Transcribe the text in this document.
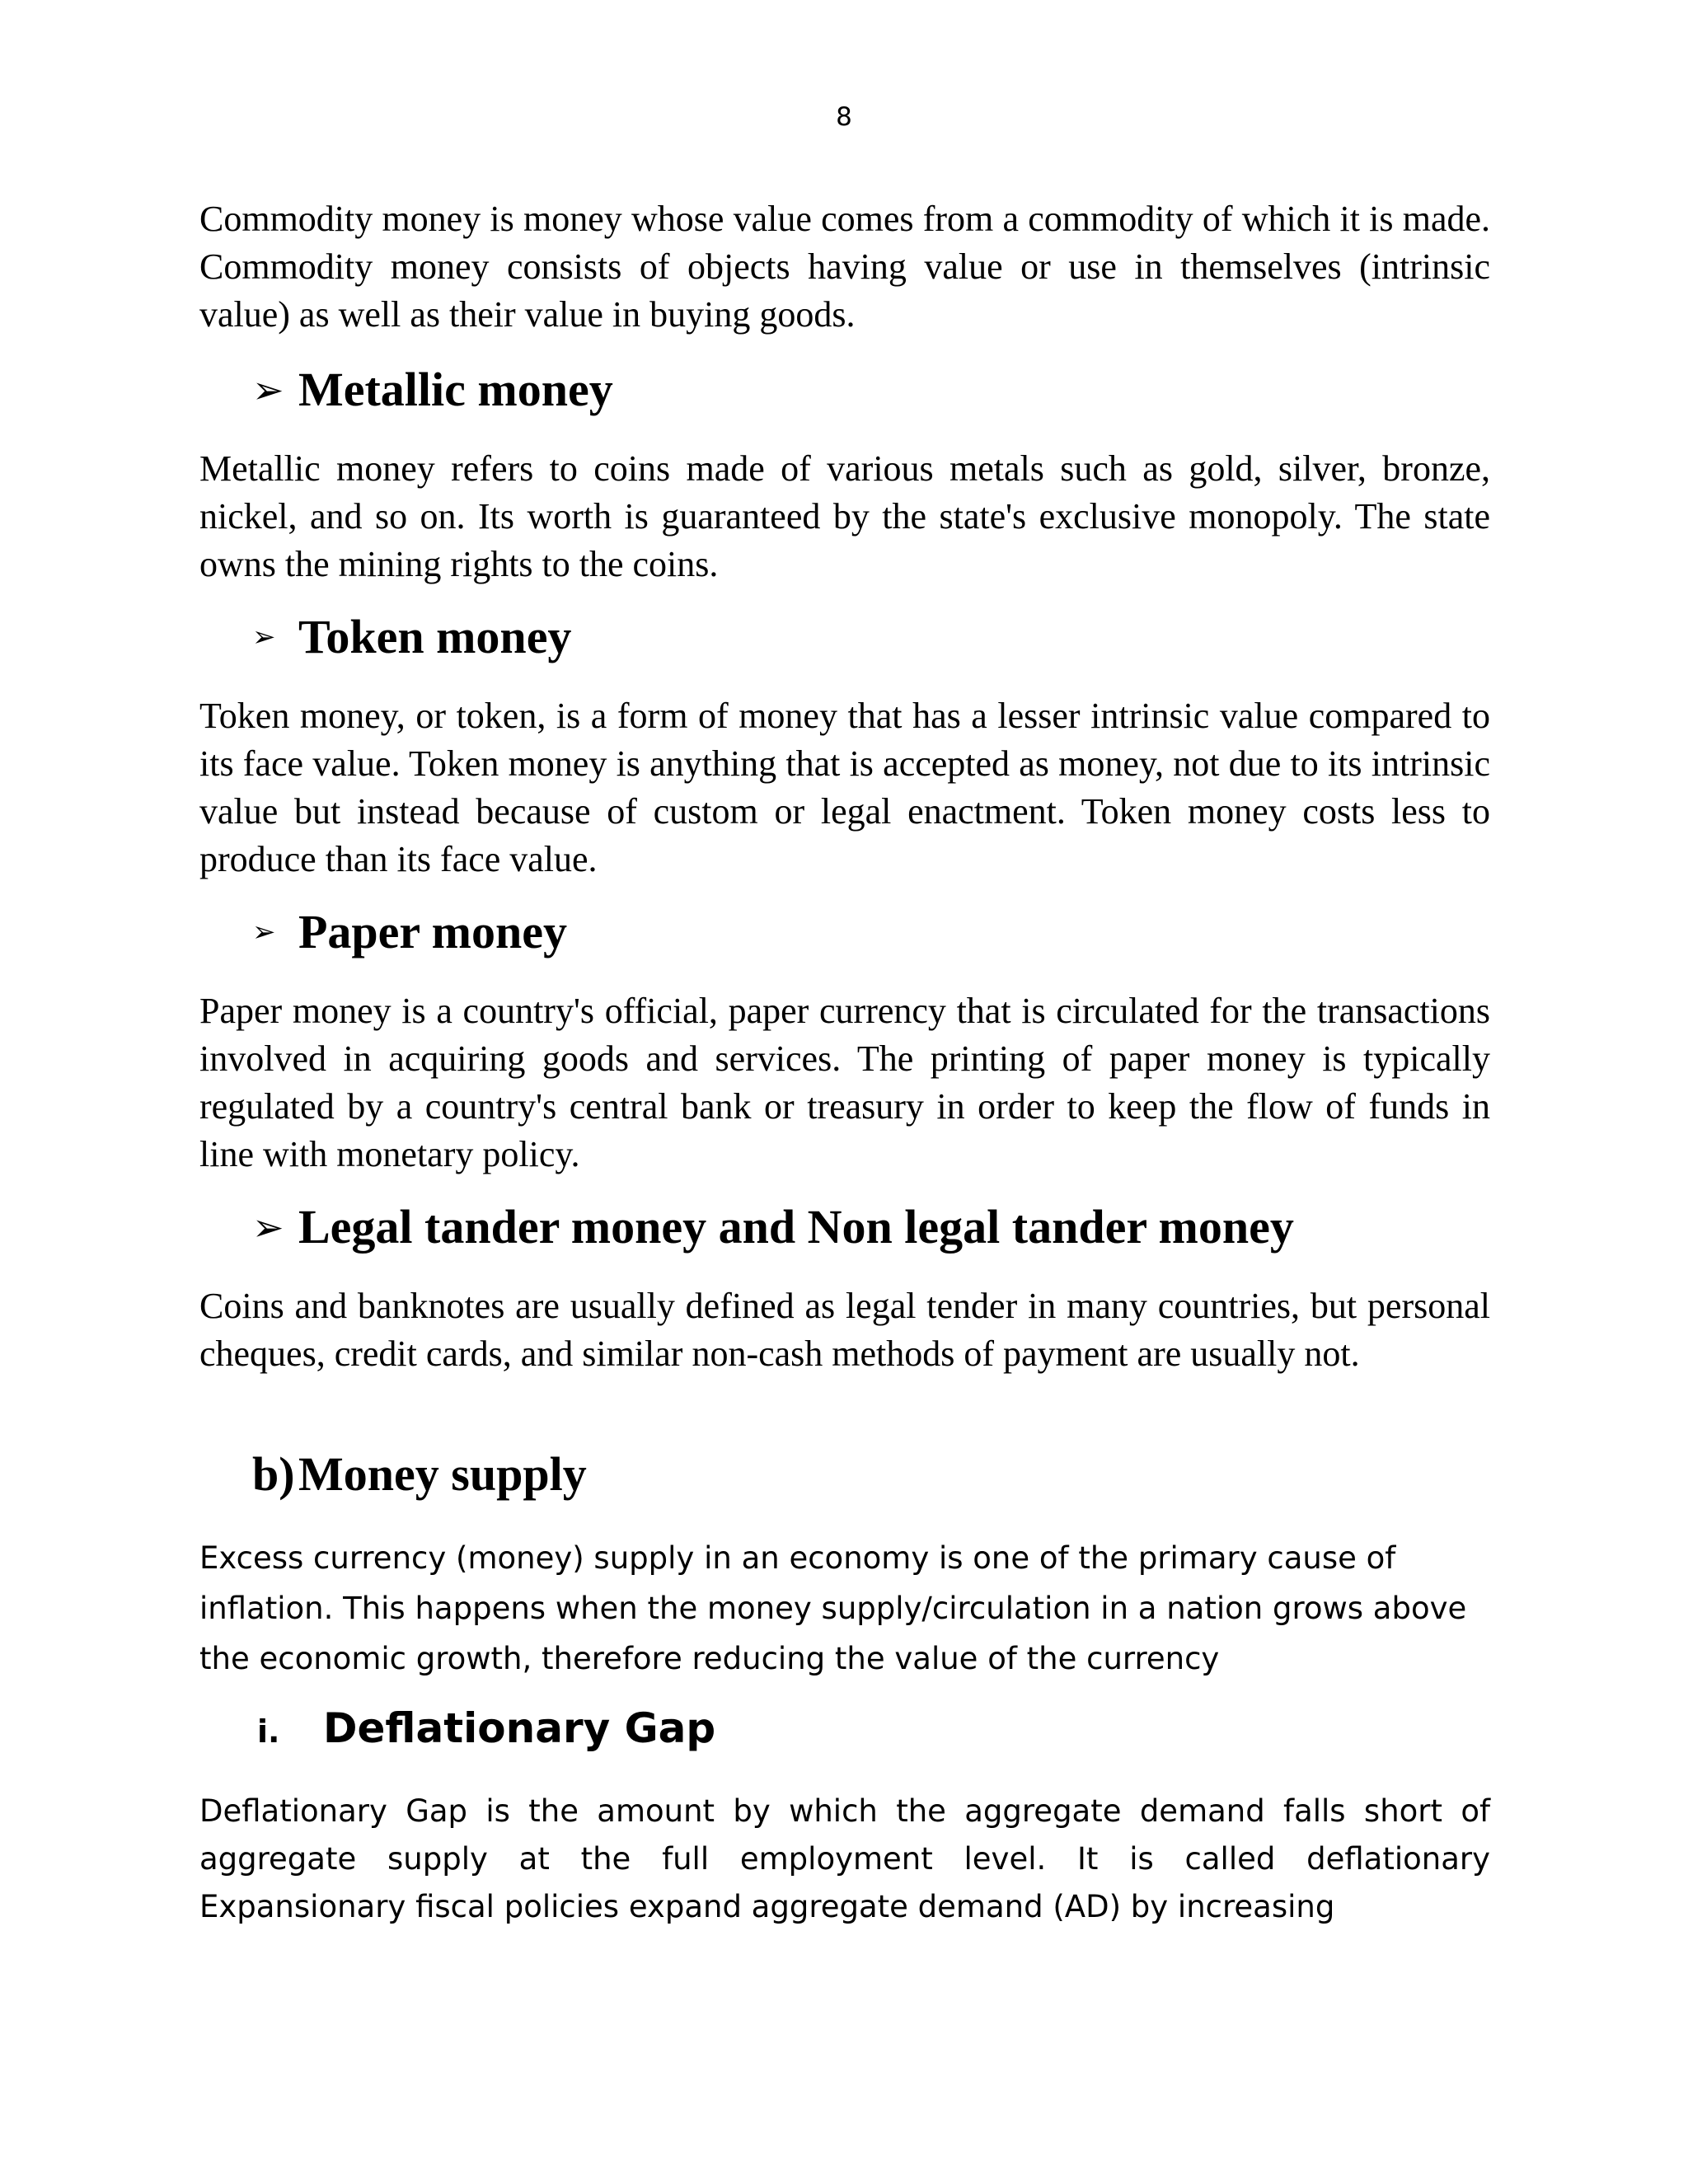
8

Commodity money is money whose value comes from a commodity of which it is made. Commodity money consists of objects having value or use in themselves (intrinsic value) as well as their value in buying goods.

➢ Metallic money

Metallic money refers to coins made of various metals such as gold, silver, bronze, nickel, and so on. Its worth is guaranteed by the state's exclusive monopoly. The state owns the mining rights to the coins.

➢ Token money

Token money, or token, is a form of money that has a lesser intrinsic value compared to its face value. Token money is anything that is accepted as money, not due to its intrinsic value but instead because of custom or legal enactment. Token money costs less to produce than its face value.

➢ Paper money

Paper money is a country's official, paper currency that is circulated for the transactions involved in acquiring goods and services. The printing of paper money is typically regulated by a country's central bank or treasury in order to keep the flow of funds in line with monetary policy.

➢ Legal tander money and Non legal tander money

Coins and banknotes are usually defined as legal tender in many countries, but personal cheques, credit cards, and similar non-cash methods of payment are usually not.

b) Money supply

Excess currency (money) supply in an economy is one of the primary cause of inflation. This happens when the money supply/circulation in a nation grows above the economic growth, therefore reducing the value of the currency

i.	Deflationary Gap

Deflationary Gap is the amount by which the aggregate demand falls short of aggregate supply at the full employment level. It is called deflationary Expansionary fiscal policies expand aggregate demand (AD) by increasing
